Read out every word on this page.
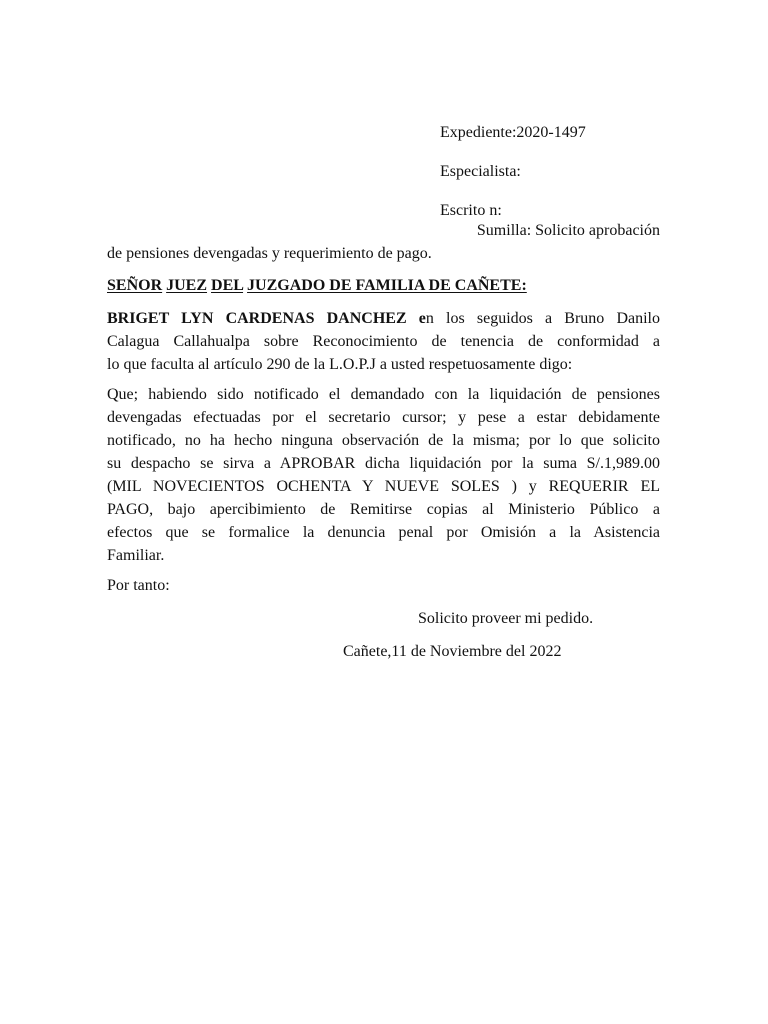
Expediente:2020-1497
Especialista:
Escrito n:
Sumilla: Solicito aprobación
de pensiones devengadas y requerimiento de pago.
SEÑOR JUEZ DEL JUZGADO DE FAMILIA DE CAÑETE:
BRIGET LYN CARDENAS DANCHEZ en los seguidos a Bruno Danilo
Calagua Callahualpa sobre Reconocimiento de tenencia de conformidad a
lo que faculta al artículo 290 de la L.O.P.J a usted respetuosamente digo:
Que; habiendo sido notificado el demandado con la liquidación de pensiones
devengadas efectuadas por el secretario cursor; y pese a estar debidamente
notificado, no ha hecho ninguna observación de la misma; por lo que solicito
su despacho se sirva a APROBAR dicha liquidación por la suma S/.1,989.00
(MIL NOVECIENTOS OCHENTA Y NUEVE SOLES ) y REQUERIR EL
PAGO, bajo apercibimiento de Remitirse copias al Ministerio Público a
efectos que se formalice la denuncia penal por Omisión a la Asistencia
Familiar.
Por tanto:
Solicito proveer mi pedido.
Cañete,11 de Noviembre del 2022
